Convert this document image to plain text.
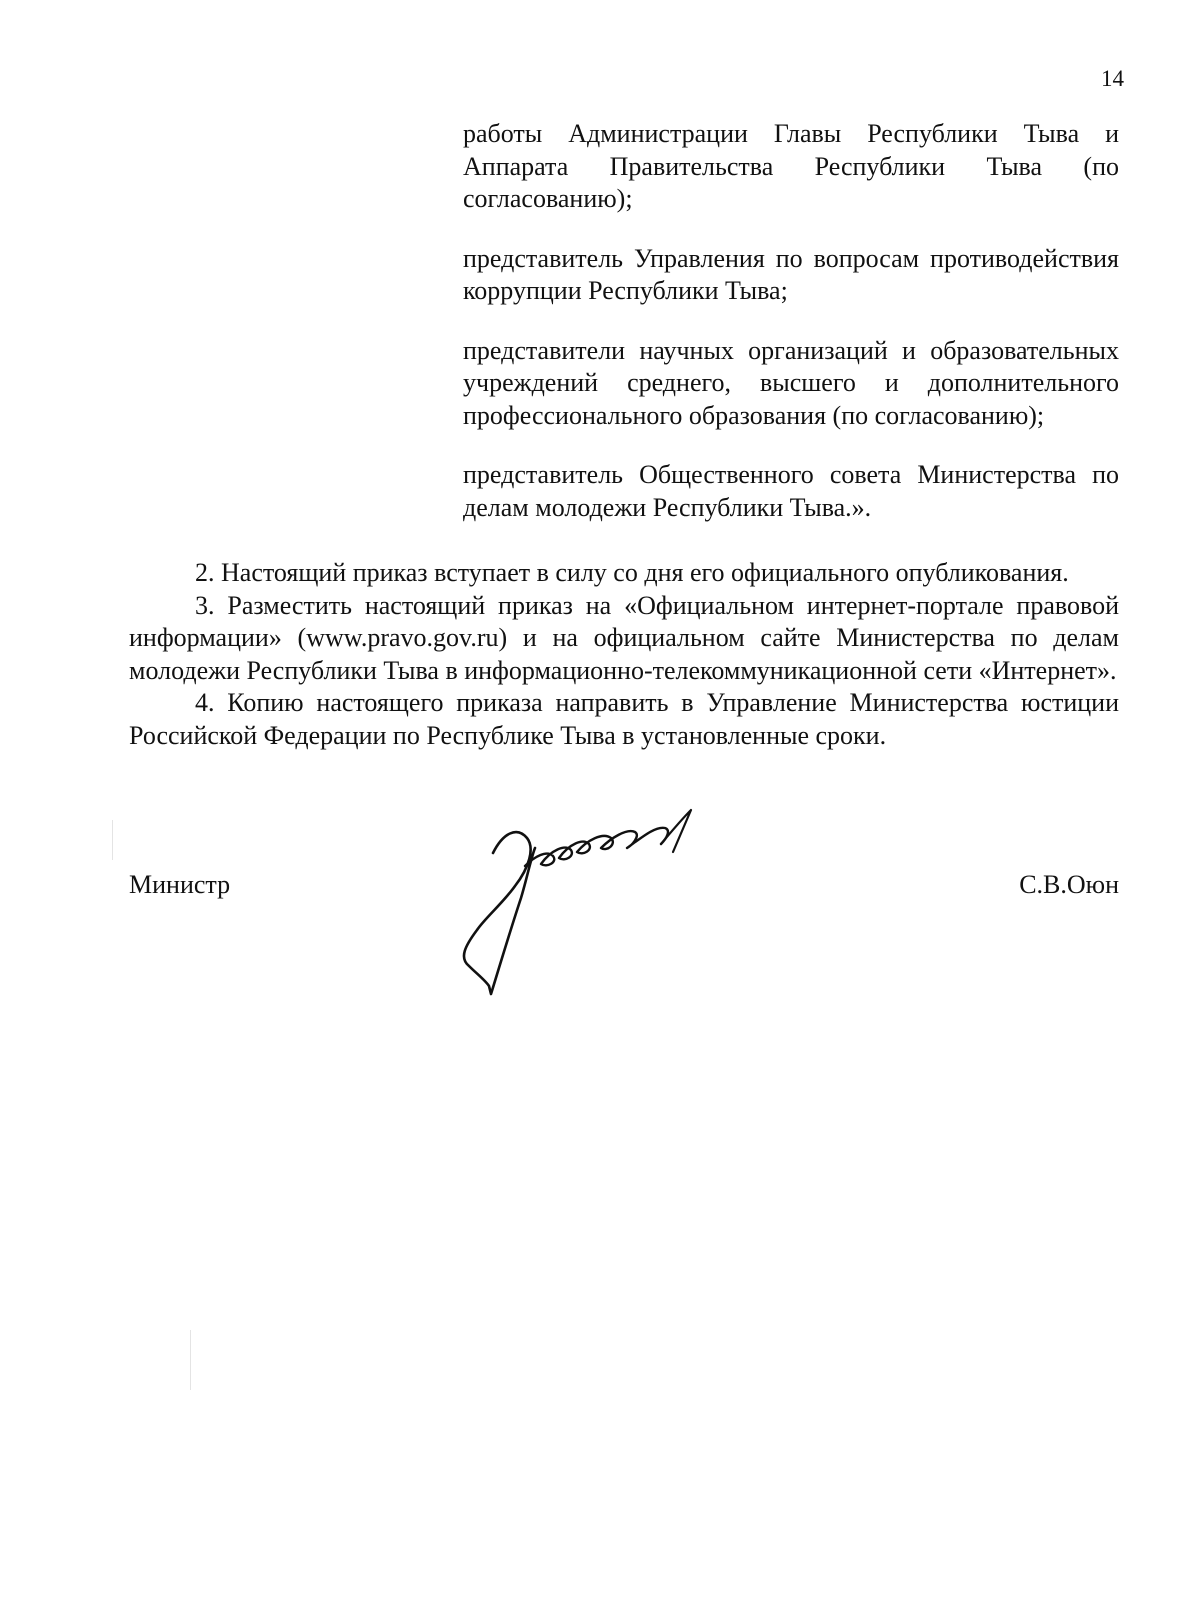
14

работы Администрации Главы Республики Тыва и Аппарата Правительства Республики Тыва (по согласованию);

представитель Управления по вопросам противодействия коррупции Республики Тыва;

представители научных организаций и образовательных учреждений среднего, высшего и дополнительного профессионального образования (по согласованию);

представитель Общественного совета Министерства по делам молодежи Республики Тыва.».

2. Настоящий приказ вступает в силу со дня его официального опубликования.

3. Разместить настоящий приказ на «Официальном интернет-портале правовой информации» (www.pravo.gov.ru) и на официальном сайте Министерства по делам молодежи Республики Тыва в информационно-телекоммуникационной сети «Интернет».

4. Копию настоящего приказа направить в Управление Министерства юстиции Российской Федерации по Республике Тыва в установленные сроки.

Министр	С.В.Оюн
